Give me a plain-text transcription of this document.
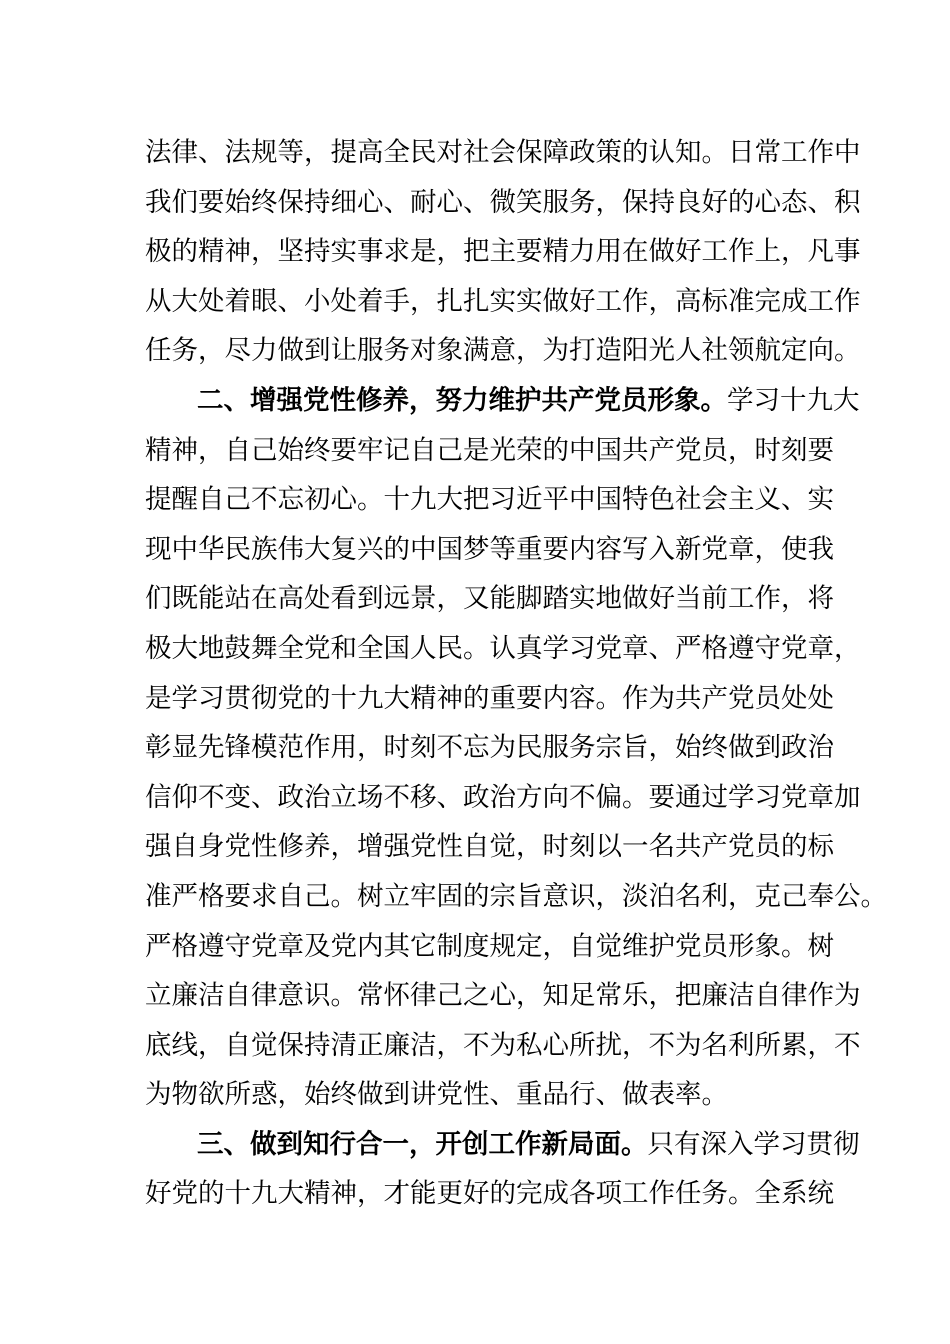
法律、法规等，提高全民对社会保障政策的认知。日常工作中
我们要始终保持细心、耐心、微笑服务，保持良好的心态、积
极的精神，坚持实事求是，把主要精力用在做好工作上，凡事
从大处着眼、小处着手，扎扎实实做好工作，高标准完成工作
任务，尽力做到让服务对象满意，为打造阳光人社领航定向。
二、增强党性修养，努力维护共产党员形象。学习十九大
精神，自己始终要牢记自己是光荣的中国共产党员，时刻要
提醒自己不忘初心。十九大把习近平中国特色社会主义、实
现中华民族伟大复兴的中国梦等重要内容写入新党章，使我
们既能站在高处看到远景，又能脚踏实地做好当前工作，将
极大地鼓舞全党和全国人民。认真学习党章、严格遵守党章，
是学习贯彻党的十九大精神的重要内容。作为共产党员处处
彰显先锋模范作用，时刻不忘为民服务宗旨，始终做到政治
信仰不变、政治立场不移、政治方向不偏。要通过学习党章加
强自身党性修养，增强党性自觉，时刻以一名共产党员的标
准严格要求自己。树立牢固的宗旨意识，淡泊名利，克己奉公。
严格遵守党章及党内其它制度规定，自觉维护党员形象。树
立廉洁自律意识。常怀律己之心，知足常乐，把廉洁自律作为
底线，自觉保持清正廉洁，不为私心所扰，不为名利所累，不
为物欲所惑，始终做到讲党性、重品行、做表率。
三、做到知行合一，开创工作新局面。只有深入学习贯彻
好党的十九大精神，才能更好的完成各项工作任务。全系统
